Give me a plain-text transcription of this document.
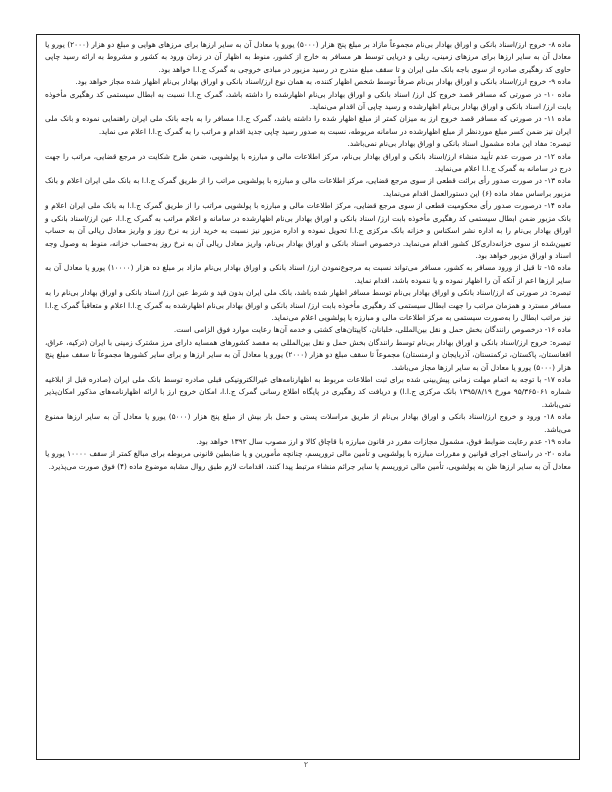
ماده ۸- خروج ارز/اسناد بانکی و اوراق بهادار بی‌نام مجموعاً مازاد بر مبلغ پنج هزار (۵۰۰۰) یورو یا معادل آن به سایر ارزها برای مرزهای هوایی و مبلغ دو هزار (۲۰۰۰) یورو یا معادل آن به سایر ارزها برای مرزهای زمینی، ریلی و دریایی توسط هر مسافر به خارج از کشور، منوط به اظهار آن در زمان ورود به کشور و مشروط به ارائه رسید چاپی حاوی کد رهگیری صادره از سوی باجه بانک ملی ایران و تا سقف مبلغ مندرج در رسید مزبور در مبادی خروجی به گمرک ج.ا.ا خواهد بود.

ماده ۹- خروج ارز/اسناد بانکی و اوراق بهادار بی‌نام صرفاً توسط شخص اظهار کننده، به همان نوع ارز/اسناد بانکی و اوراق بهادار بی‌نام اظهار شده مجاز خواهد بود.

ماده ۱۰- در صورتی که مسافر قصد خروج کل ارز/ اسناد بانکی و اوراق بهادار بی‌نام اظهارشده را داشته باشد، گمرک ج.ا.ا نسبت به ابطال سیستمی کد رهگیری مأخوذه بابت ارز/ اسناد بانکی و اوراق بهادار بی‌نام اظهارشده و رسید چاپی آن اقدام می‌نماید.

ماده ۱۱- در صورتی که مسافر قصد خروج ارز به میزان کمتر از مبلغ اظهار شده را داشته باشد، گمرک ج.ا.ا مسافر را به باجه بانک ملی ایران راهنمایی نموده و بانک ملی ایران نیز ضمن کسر مبلغ موردنظر از مبلغ اظهارشده در سامانه مربوطه، نسبت به صدور رسید چاپی جدید اقدام و مراتب را به گمرک ج.ا.ا اعلام می نماید.

تبصره: مفاد این ماده مشمول اسناد بانکی و اوراق بهادار بی‌نام نمی‌باشد.

ماده ۱۲- در صورت عدم تأیید منشاء ارز/اسناد بانکی و اوراق بهادار بی‌نام، مرکز اطلاعات مالی و مبارزه با پولشویی، ضمن طرح شکایت در مرجع قضایی، مراتب را جهت درج در سامانه به گمرک ج.ا.ا اعلام می‌نماید.

ماده ۱۳- در صورت صدور رأی برائت قطعی از سوی مرجع قضایی، مرکز اطلاعات مالی و مبارزه با پولشویی مراتب را از طریق گمرک ج.ا.ا به بانک ملی ایران اعلام و بانک مزبور براساس مفاد ماده (۶) این دستورالعمل اقدام می‌نماید.

ماده ۱۴- درصورت صدور رأی محکومیت قطعی از سوی مرجع قضایی، مرکز اطلاعات مالی و مبارزه با پولشویی مراتب را از طریق گمرک ج.ا.ا به بانک ملی ایران اعلام و بانک مزبور ضمن ابطال سیستمی کد رهگیری مأخوذه بابت ارز/ اسناد بانکی و اوراق بهادار بی‌نام اظهارشده در سامانه و اعلام مراتب به گمرک ج.ا.ا، عین ارز/اسناد بانکی و اوراق بهادار بی‌نام را به اداره نشر اسکناس و خزانه بانک مرکزی ج.ا.ا تحویل نموده و اداره مزبور نیز نسبت به خرید ارز به نرخ روز و واریز معادل ریالی آن به حساب تعیین‌شده از سوی خزانه‌داری‌کل کشور اقدام می‌نماید. درخصوص اسناد بانکی و اوراق بهادار بی‌نام، واریز معادل ریالی آن به نرخ روز به‌حساب خزانه، منوط به وصول وجه اسناد و اوراق مزبور خواهد بود.

ماده ۱۵- تا قبل از ورود مسافر به کشور، مسافر می‌تواند نسبت به مرجوع‌نمودن ارز/ اسناد بانکی و اوراق بهادار بی‌نام مازاد بر مبلغ ده هزار (۱۰۰۰۰) یورو یا معادل آن به سایر ارزها اعم از آنکه آن را اظهار نموده و یا ننموده باشد، اقدام نماید.

تبصره: در صورتی که ارز/اسناد بانکی و اوراق بهادار بی‌نام توسط مسافر اظهار شده باشد، بانک ملی ایران بدون قید و شرط عین ارز/ اسناد بانکی و اوراق بهادار بی‌نام را به مسافر مسترد و همزمان مراتب را جهت ابطال سیستمی کد رهگیری مأخوذه بابت ارز/ اسناد بانکی و اوراق بهادار بی‌نام اظهارشده به گمرک ج.ا.ا اعلام و متعاقباً گمرک ج.ا.ا نیز مراتب ابطال را به‌صورت سیستمی به مرکز اطلاعات مالی و مبارزه با پولشویی اعلام می‌نماید.

ماده ۱۶- درخصوص رانندگان بخش حمل و نقل بین‌المللی، خلبانان، کاپیتان‌های کشتی و خدمه آن‌ها رعایت موارد فوق الزامی است.

تبصره: خروج ارز/اسناد بانکی و اوراق بهادار بی‌نام توسط رانندگان بخش حمل و نقل بین‌المللی به مقصد کشورهای همسایه دارای مرز مشترک زمینی با ایران (ترکیه، عراق، افغانستان، پاکستان، ترکمنستان، آذربایجان و ارمنستان) مجموعاً تا سقف مبلغ دو هزار (۲۰۰۰) یورو یا معادل آن به سایر ارزها و برای سایر کشورها مجموعاً تا سقف مبلغ پنج هزار (۵۰۰۰) یورو یا معادل آن به سایر ارزها مجاز می‌باشد.

ماده ۱۷- با توجه به اتمام مهلت زمانی پیش‌بینی شده برای ثبت اطلاعات مربوط به اظهارنامه‌های غیرالکترونیکی قبلی صادره توسط بانک ملی ایران (صادره قبل از ابلاغیه شماره ۹۵/۳۶۵۰۶۱ مورخ ۱۳۹۵/۸/۱۹ بانک مرکزی ج.ا.ا) و دریافت کد رهگیری در پایگاه اطلاع رسانی گمرک ج.ا.ا، امکان خروج ارز با ارائه اظهارنامه‌های مذکور امکان‌پذیر نمی‌باشد.

ماده ۱۸- ورود و خروج ارز/اسناد بانکی و اوراق بهادار بی‌نام از طریق مراسلات پستی و حمل بار بیش از مبلغ پنج هزار (۵۰۰۰) یورو یا معادل آن به سایر ارزها ممنوع می‌باشد.

ماده ۱۹- عدم رعایت ضوابط فوق، مشمول مجازات مقرر در قانون مبارزه با قاچاق کالا و ارز مصوب سال ۱۳۹۲ خواهد بود.

ماده ۲۰- در راستای اجرای قوانین و مقررات مبارزه با پولشویی و تأمین مالی تروریسم، چنانچه مأمورین و یا ضابطین قانونی مربوطه برای مبالغ کمتر از سقف ۱۰۰۰۰ یورو یا معادل آن به سایر ارزها ظن به پولشویی، تأمین مالی تروریسم یا سایر جرائم منشاء مرتبط پیدا کنند، اقدامات لازم طبق روال مشابه موضوع ماده (۴) فوق صورت می‌پذیرد.

۲
